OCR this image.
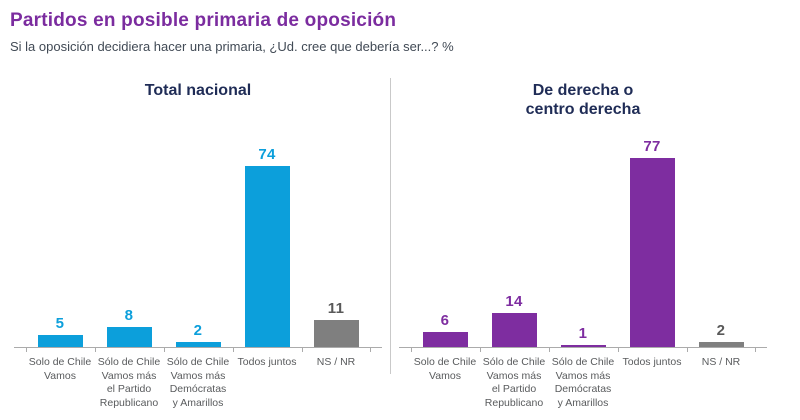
Partidos en posible primaria de oposición
Si la oposición decidiera hacer una primaria, ¿Ud. cree que debería ser...? %
Total nacional
5	8
2
74
11
Solo de Chile
Vamos
Sólo de Chile
Vamos más
el Partido
Republicano
Sólo de Chile
Vamos más
Demócratas
y Amarillos
Todos juntos	NS / NR
De derecha o
centro derecha
6
14
1
77
2
Solo de Chile
Vamos
Sólo de Chile
Vamos más
el Partido
Republicano
Sólo de Chile
Vamos más
Demócratas
y Amarillos
Todos juntos	NS / NR
